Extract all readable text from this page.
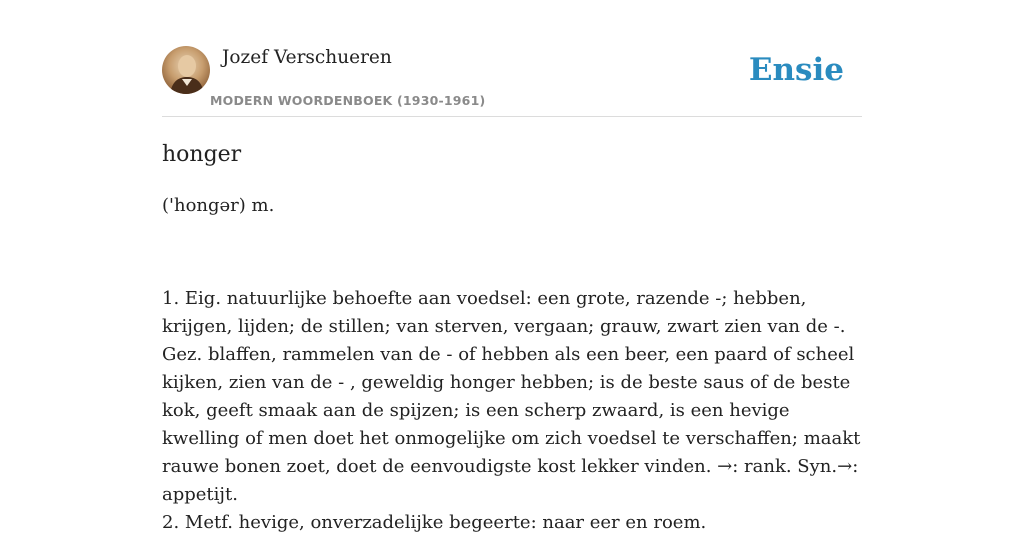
Jozef Verschueren
MODERN WOORDENBOEK (1930-1961)
Ensie
honger
('hongər) m.

1. Eig. natuurlijke behoefte aan voedsel: een grote, razende -; hebben, krijgen, lijden; de stillen; van sterven, vergaan; grauw, zwart zien van de -. Gez. blaffen, rammelen van de - of hebben als een beer, een paard of scheel kijken, zien van de - , geweldig honger hebben; is de beste saus of de beste kok, geeft smaak aan de spijzen; is een scherp zwaard, is een hevige kwelling of men doet het onmogelijke om zich voedsel te verschaffen; maakt rauwe bonen zoet, doet de eenvoudigste kost lekker vinden. →: rank. Syn.→: appetijt.

2. Metf. hevige, onverzadelijke begeerte: naar eer en roem.
